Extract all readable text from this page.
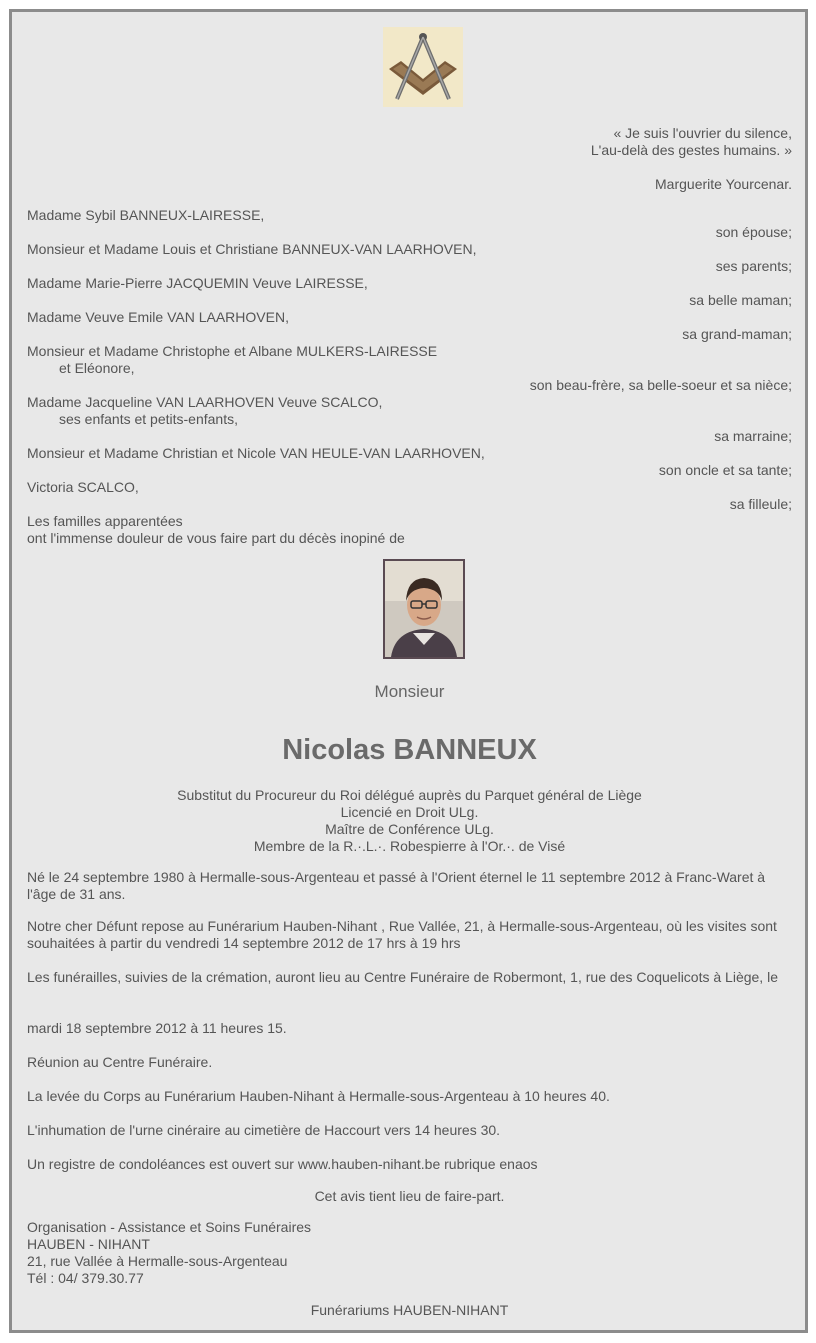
« Je suis l'ouvrier du silence,
L'au-delà des gestes humains. »
Marguerite Yourcenar.
Madame Sybil BANNEUX-LAIRESSE,
son épouse;
Monsieur et Madame Louis et Christiane BANNEUX-VAN LAARHOVEN,
ses parents;
Madame Marie-Pierre JACQUEMIN Veuve LAIRESSE,
sa belle maman;
Madame Veuve Emile VAN LAARHOVEN,
sa grand-maman;
Monsieur et Madame Christophe et Albane MULKERS-LAIRESSE
et Eléonore,
son beau-frère, sa belle-soeur et sa nièce;
Madame Jacqueline VAN LAARHOVEN Veuve SCALCO,
ses enfants et petits-enfants,
sa marraine;
Monsieur et Madame Christian et Nicole VAN HEULE-VAN LAARHOVEN,
son oncle et sa tante;
Victoria SCALCO,
sa filleule;
Les familles apparentées
ont l'immense douleur de vous faire part du décès inopiné de
Monsieur
Nicolas BANNEUX
Substitut du Procureur du Roi délégué auprès du Parquet général de Liège
Licencié en Droit ULg.
Maître de Conférence ULg.
Membre de la R.·.L.·. Robespierre à l'Or.·. de Visé
Né le 24 septembre 1980 à Hermalle-sous-Argenteau et passé à l'Orient éternel le 11 septembre 2012 à Franc-Waret à l'âge de 31 ans.
Notre cher Défunt repose au Funérarium Hauben-Nihant , Rue Vallée, 21, à Hermalle-sous-Argenteau, où les visites sont souhaitées à partir du vendredi 14 septembre 2012 de 17 hrs à 19 hrs
Les funérailles, suivies de la crémation, auront lieu au Centre Funéraire de Robermont, 1, rue des Coquelicots à Liège, le
mardi 18 septembre 2012 à 11 heures 15.
Réunion au Centre Funéraire.
La levée du Corps au Funérarium Hauben-Nihant à Hermalle-sous-Argenteau à 10 heures 40.
L'inhumation de l'urne cinéraire au cimetière de Haccourt vers 14 heures 30.
Un registre de condoléances est ouvert sur www.hauben-nihant.be rubrique enaos
Cet avis tient lieu de faire-part.
Organisation - Assistance et Soins Funéraires
HAUBEN - NIHANT
21, rue Vallée à Hermalle-sous-Argenteau
Tél : 04/ 379.30.77
Funérariums HAUBEN-NIHANT
